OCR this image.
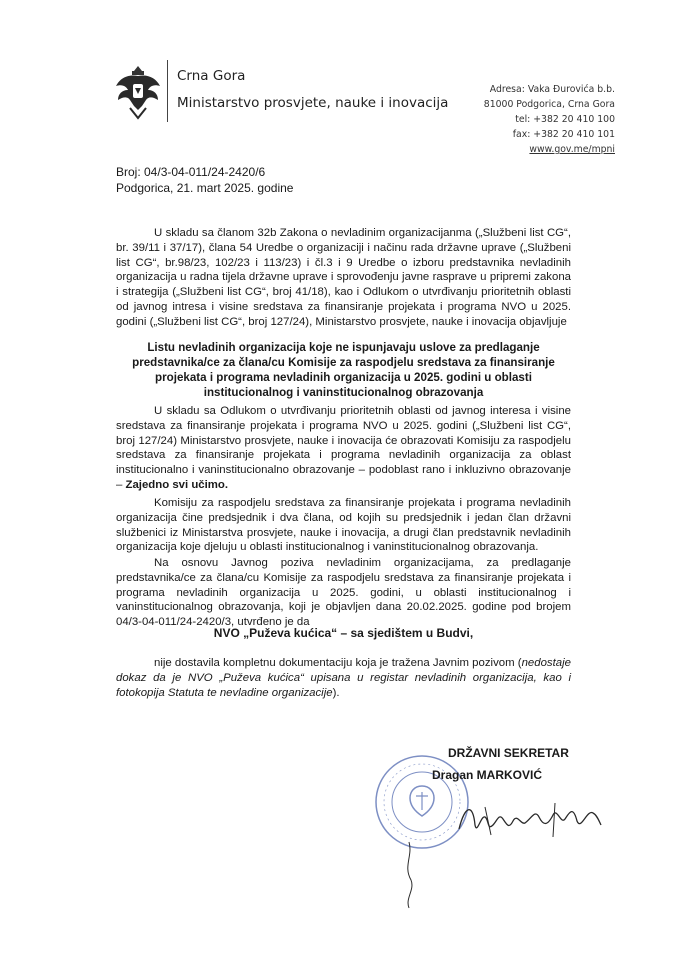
Crna Gora
Ministarstvo prosvjete, nauke i inovacija
Adresa: Vaka Đurovića b.b.
81000 Podgorica, Crna Gora
tel: +382 20 410 100
fax: +382 20 410 101
www.gov.me/mpni
Broj: 04/3-04-011/24-2420/6
Podgorica, 21. mart 2025. godine
U skladu sa članom 32b Zakona o nevladinim organizacijanma („Službeni list CG“, br. 39/11 i 37/17), člana 54 Uredbe o organizaciji i načinu rada državne uprave („Službeni list CG“, br.98/23, 102/23 i 113/23) i čl.3 i 9 Uredbe o izboru predstavnika nevladinih organizacija u radna tijela državne uprave i sprovođenju javne rasprave u pripremi zakona i strategija („Službeni list CG“, broj 41/18), kao i Odlukom o utvrđivanju prioritetnih oblasti od javnog intresa i visine sredstava za finansiranje projekata i programa NVO u 2025. godini („Službeni list CG“, broj 127/24), Ministarstvo prosvjete, nauke i inovacija objavljuje
Listu nevladinih organizacija koje ne ispunjavaju uslove za predlaganje predstavnika/ce za člana/cu Komisije za raspodjelu sredstava za finansiranje projekata i programa nevladinih organizacija u 2025. godini u oblasti institucionalnog i vaninstitucionalnog obrazovanja
U skladu sa Odlukom o utvrđivanju prioritetnih oblasti od javnog interesa i visine sredstava za finansiranje projekata i programa NVO u 2025. godini („Službeni list CG“, broj 127/24) Ministarstvo prosvjete, nauke i inovacija će obrazovati Komisiju za raspodjelu sredstava za finansiranje projekata i programa nevladinih organizacija za oblast institucionalno i vaninstitucionalno obrazovanje – podoblast rano i inkluzivno obrazovanje – Zajedno svi učimo.
Komisiju za raspodjelu sredstava za finansiranje projekata i programa nevladinih organizacija čine predsjednik i dva člana, od kojih su predsjednik i jedan član državni službenici iz Ministarstva prosvjete, nauke i inovacija, a drugi član predstavnik nevladinih organizacija koje djeluju u oblasti institucionalnog i vaninstitucionalnog obrazovanja.
Na osnovu Javnog poziva nevladinim organizacijama, za predlaganje predstavnika/ce za člana/cu Komisije za raspodjelu sredstava za finansiranje projekata i programa nevladinih organizacija u 2025. godini, u oblasti institucionalnog i vaninstitucionalnog obrazovanja, koji je objavljen dana 20.02.2025. godine pod brojem 04/3-04-011/24-2420/3, utvrđeno je da
NVO „Puževa kućica“ – sa sjedištem u Budvi,
nije dostavila kompletnu dokumentaciju koja je tražena Javnim pozivom (nedostaje dokaz da je NVO „Puževa kućica“ upisana u registar nevladinih organizacija, kao i fotokopija Statuta te nevladine organizacije).
DRŽAVNI SEKRETAR
Dragan MARKOVIĆ
